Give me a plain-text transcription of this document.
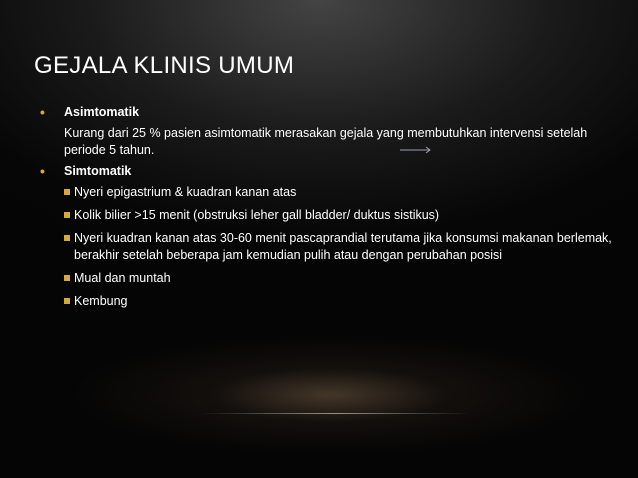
GEJALA KLINIS UMUM
• Asimtomatik
Kurang dari 25 % pasien asimtomatik merasakan gejala yang membutuhkan intervensi setelah periode 5 tahun.
• Simtomatik
Nyeri epigastrium & kuadran kanan atas
Kolik bilier >15 menit (obstruksi leher gall bladder/ duktus sistikus)
Nyeri kuadran kanan atas 30-60 menit pascaprandial terutama jika konsumsi makanan berlemak, berakhir setelah beberapa jam kemudian pulih atau dengan perubahan posisi
Mual dan muntah
Kembung
